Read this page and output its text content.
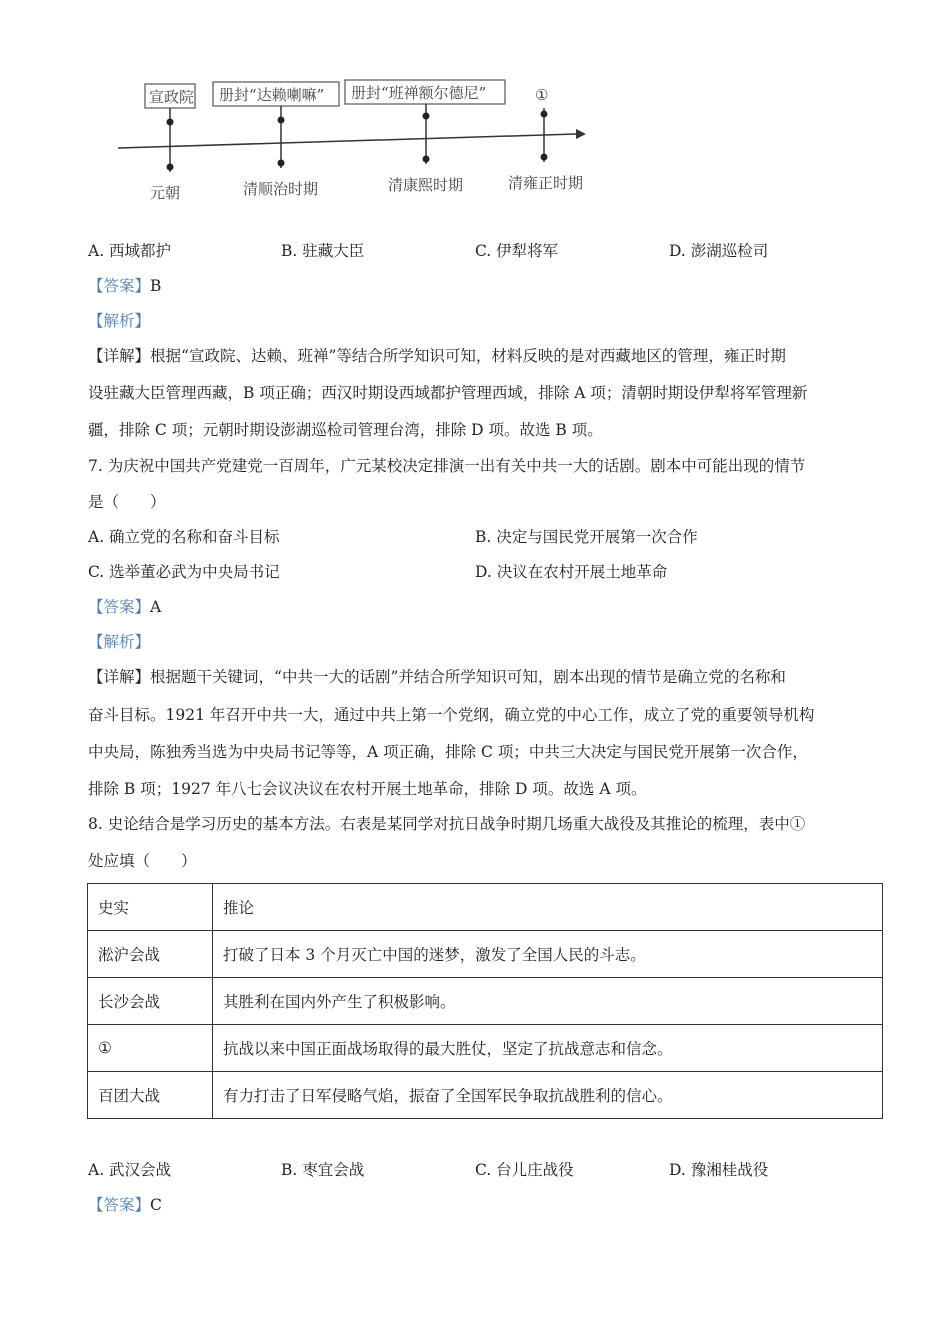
宣政院
元朝
册封“达赖喇嘛”
清顺治时期
册封“班禅额尔德尼”
清康熙时期
①
清雍正时期
A. 西域都护	B. 驻藏大臣	C. 伊犁将军	D. 澎湖巡检司
【答案】B
【解析】
【详解】根据“宣政院、达赖、班禅”等结合所学知识可知，材料反映的是对西藏地区的管理，雍正时期
设驻藏大臣管理西藏，B 项正确；西汉时期设西域都护管理西域，排除 A 项；清朝时期设伊犁将军管理新
疆，排除 C 项；元朝时期设澎湖巡检司管理台湾，排除 D 项。故选 B 项。
7. 为庆祝中国共产党建党一百周年，广元某校决定排演一出有关中共一大的话剧。剧本中可能出现的情节
是（　　）
A. 确立党的名称和奋斗目标	B. 决定与国民党开展第一次合作
C. 选举董必武为中央局书记	D. 决议在农村开展土地革命
【答案】A
【解析】
【详解】根据题干关键词，“中共一大的话剧”并结合所学知识可知，剧本出现的情节是确立党的名称和
奋斗目标。1921 年召开中共一大，通过中共上第一个党纲，确立党的中心工作，成立了党的重要领导机构
中央局，陈独秀当选为中央局书记等等，A 项正确，排除 C 项；中共三大决定与国民党开展第一次合作，
排除 B 项；1927 年八七会议决议在农村开展土地革命，排除 D 项。故选 A 项。
8. 史论结合是学习历史的基本方法。右表是某同学对抗日战争时期几场重大战役及其推论的梳理，表中①
处应填（　　）
史实	推论
淞沪会战	打破了日本 3 个月灭亡中国的迷梦，激发了全国人民的斗志。
长沙会战	其胜利在国内外产生了积极影响。
①	抗战以来中国正面战场取得的最大胜仗，坚定了抗战意志和信念。
百团大战	有力打击了日军侵略气焰，振奋了全国军民争取抗战胜利的信心。
A. 武汉会战	B. 枣宜会战	C. 台儿庄战役	D. 豫湘桂战役
【答案】C
